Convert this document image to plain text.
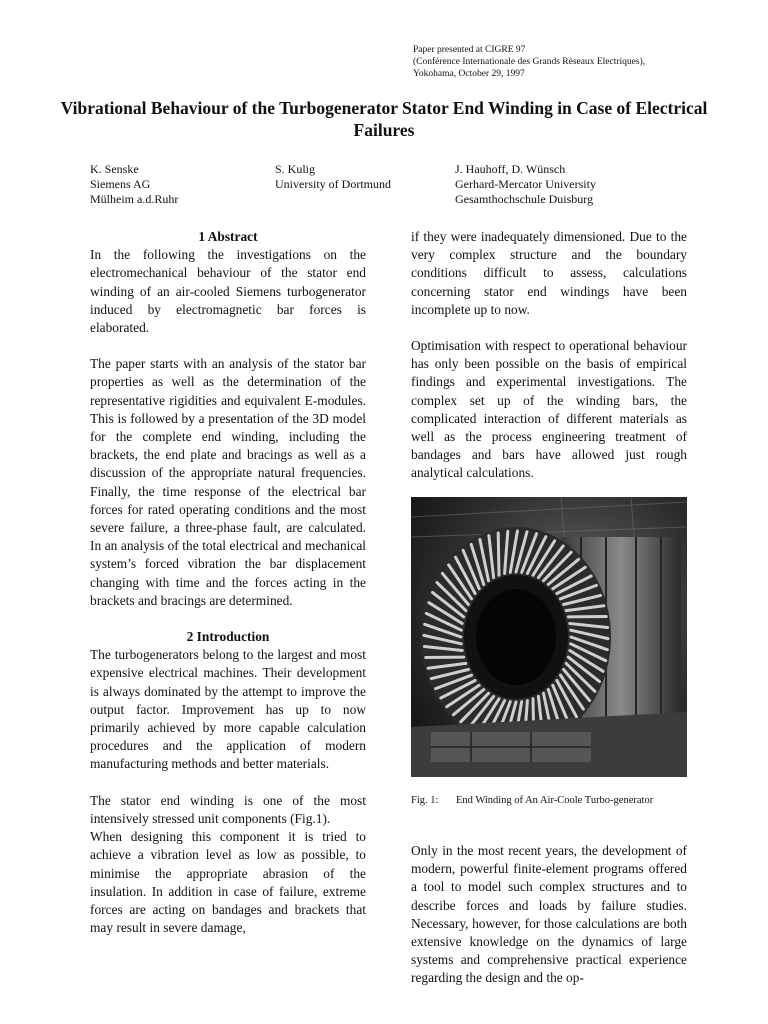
Paper presented at CIGRE 97
(Conférence Internationale des Grands Rèseaux Electriques),
Yokohama, October 29, 1997
Vibrational Behaviour of the Turbogenerator Stator End Winding in Case of Electrical Failures
K. Senske
Siemens AG
Mülheim a.d.Ruhr
S. Kulig
University of Dortmund
J. Hauhoff, D. Wünsch
Gerhard-Mercator University
Gesamthochschule Duisburg
1 Abstract

In the following the investigations on the electromechanical behaviour of the stator end winding of an air-cooled Siemens turbogenerator induced by electromagnetic bar forces is elaborated.

The paper starts with an analysis of the stator bar properties as well as the determination of the representative rigidities and equivalent E-modules. This is followed by a presentation of the 3D model for the complete end winding, including the brackets, the end plate and bracings as well as a discussion of the appropriate natural frequencies. Finally, the time response of the electrical bar forces for rated operating conditions and the most severe failure, a three-phase fault, are calculated. In an analysis of the total electrical and mechanical system’s forced vibration the bar displacement changing with time and the forces acting in the brackets and bracings are determined.

2 Introduction

The turbogenerators belong to the largest and most expensive electrical machines. Their development is always dominated by the attempt to improve the output factor. Improvement has up to now primarily achieved by more capable calculation procedures and the application of modern manufacturing methods and better materials.

The stator end winding is one of the most intensively stressed unit components (Fig.1).

When designing this component it is tried to achieve a vibration level as low as possible, to minimise the appropriate abrasion of the insulation. In addition in case of failure, extreme forces are acting on bandages and brackets that may result in severe damage,

if they were inadequately dimensioned. Due to the very complex structure and the boundary conditions difficult to assess, calculations concerning stator end windings have been incomplete up to now.

Optimisation with respect to operational behaviour has only been possible on the basis of empirical findings and experimental investigations. The complex set up of the winding bars, the complicated interaction of different materials as well as the process engineering treatment of bandages and bars have allowed just rough analytical calculations.

Fig. 1: End Winding of An Air-Coole Turbo-generator

Only in the most recent years, the development of modern, powerful finite-element programs offered a tool to model such complex structures and to describe forces and loads by failure studies. Necessary, however, for those calculations are both extensive knowledge on the dynamics of large systems and comprehensive practical experience regarding the design and the op-
